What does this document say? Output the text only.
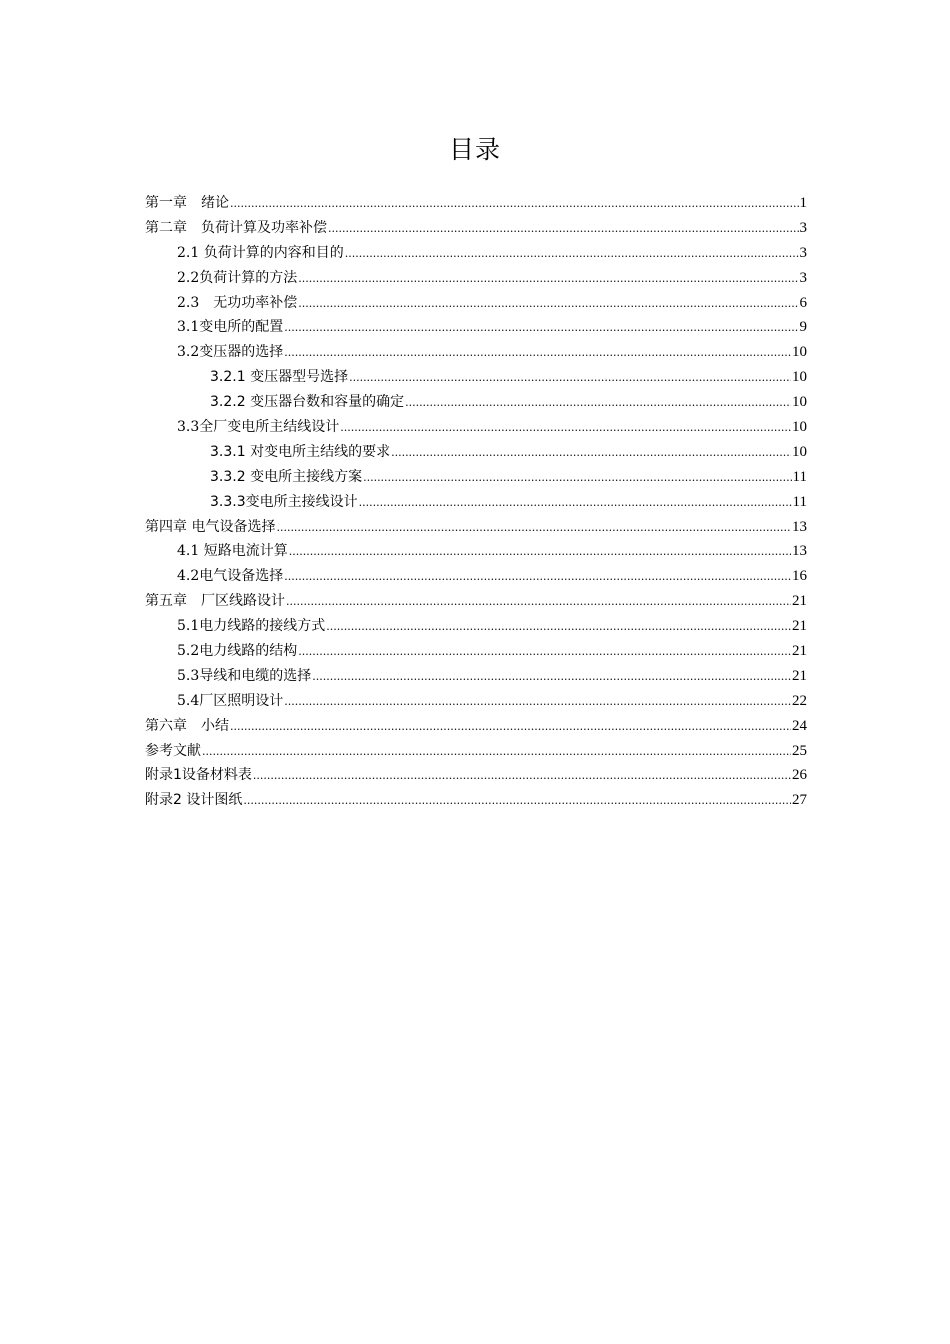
目录
第一章　绪论 .....	1
第二章　负荷计算及功率补偿 .....	3
2.1 负荷计算的内容和目的 .....	3
2.2负荷计算的方法 .....	3
2.3　无功功率补偿 .....	6
3.1变电所的配置 .....	9
3.2变压器的选择 .....	10
3.2.1 变压器型号选择 .....	10
3.2.2 变压器台数和容量的确定 .....	10
3.3全厂变电所主结线设计 .....	10
3.3.1 对变电所主结线的要求 .....	10
3.3.2 变电所主接线方案 .....	11
3.3.3变电所主接线设计 .....	11
第四章 电气设备选择 .....	13
4.1 短路电流计算 .....	13
4.2电气设备选择 .....	16
第五章　厂区线路设计 .....	21
5.1电力线路的接线方式 .....	21
5.2电力线路的结构 .....	21
5.3导线和电缆的选择 .....	21
5.4厂区照明设计 .....	22
第六章　小结 .....	24
参考文献 .....	25
附录1设备材料表 .....	26
附录2 设计图纸 .....	27
